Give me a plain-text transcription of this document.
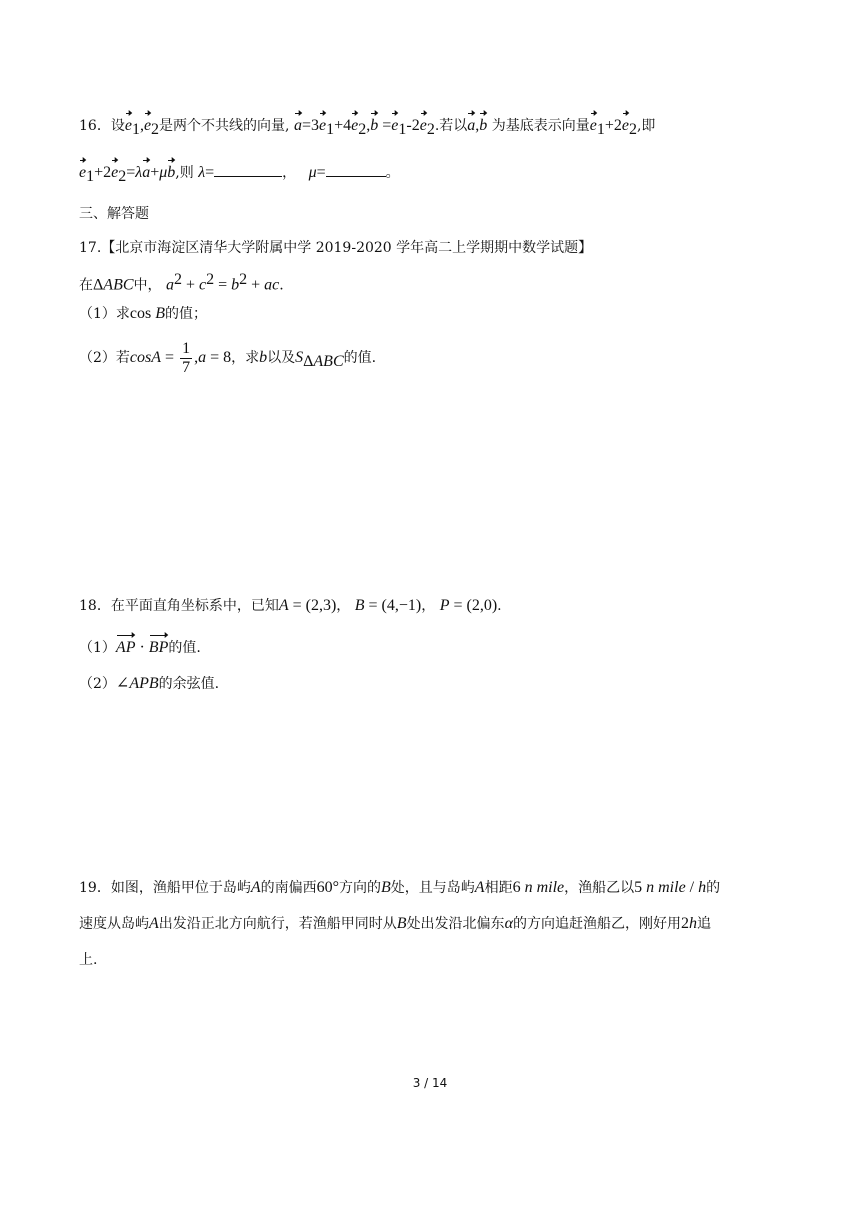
16．设$e_1,e_2$是两个不共线的向量, $a=3e_1+4e_2,b =e_1-2e_2$.若以a,b 为基底表示向量$e_1+2e_2$,即
$e_1+2e_2=\lambda a+\mu b$,则 λ=	， μ=	。
三、解答题
17.【北京市海淀区清华大学附属中学 2019-2020 学年高二上学期期中数学试题】
在ΔABC中， $a^2 + c^2 = b^2$ + ac.
（1）求cos B的值；
（2）若$\cos A = \frac{1}{7} ,a = 8$，求b以及$S_{\Delta ABC}$的值.
18．在平面直角坐标系中，已知A = (2,3)， B = (4,−1)， P = (2,0).
（1）AP · BP的值.
（2）∠APB的余弦值.
19．如图，渔船甲位于岛屿A的南偏西60°方向的B处，且与岛屿A相距6 n mile，渔船乙以5 n mile / h的
速度从岛屿A出发沿正北方向航行，若渔船甲同时从B处出发沿北偏东α的方向追赶渔船乙，刚好用2h追
上.
3 / 14
